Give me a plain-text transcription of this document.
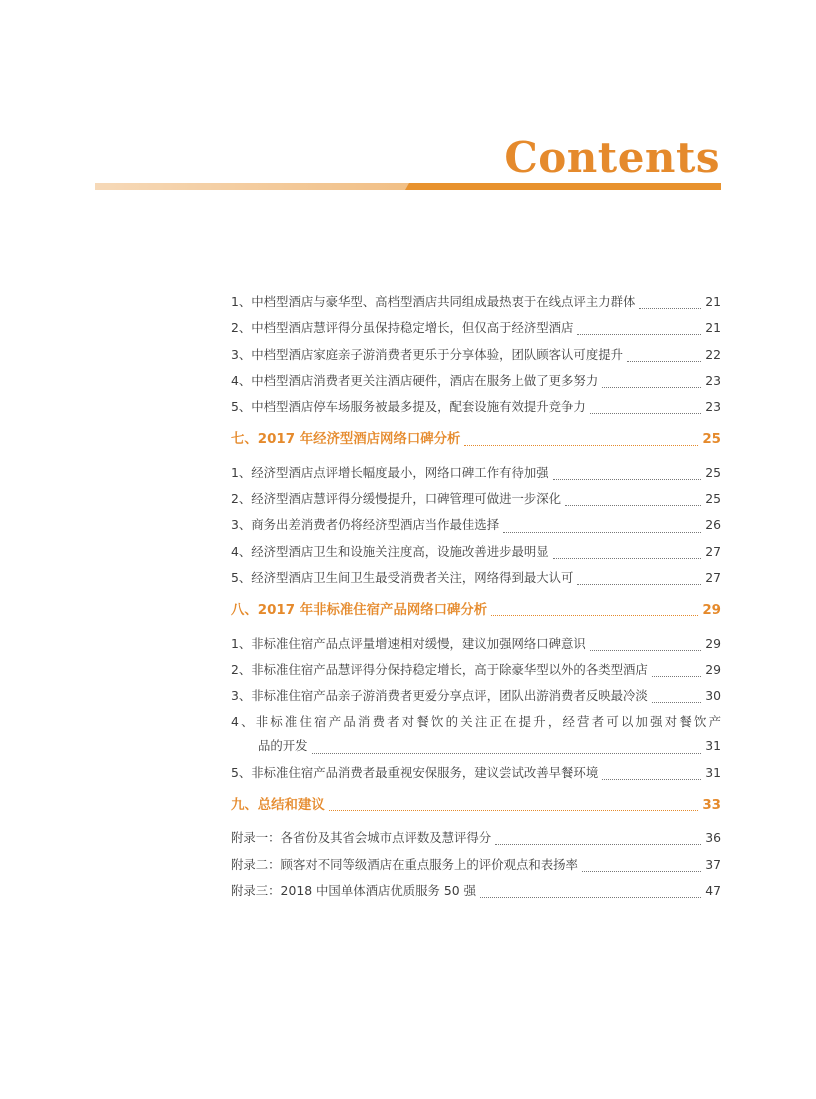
Contents
1、中档型酒店与豪华型、高档型酒店共同组成最热衷于在线点评主力群体	21
2、中档型酒店慧评得分虽保持稳定增长，但仅高于经济型酒店	21
3、中档型酒店家庭亲子游消费者更乐于分享体验，团队顾客认可度提升	22
4、中档型酒店消费者更关注酒店硬件，酒店在服务上做了更多努力	23
5、中档型酒店停车场服务被最多提及，配套设施有效提升竞争力	23
七、2017 年经济型酒店网络口碑分析	25
1、经济型酒店点评增长幅度最小，网络口碑工作有待加强	25
2、经济型酒店慧评得分缓慢提升，口碑管理可做进一步深化	25
3、商务出差消费者仍将经济型酒店当作最佳选择	26
4、经济型酒店卫生和设施关注度高，设施改善进步最明显	27
5、经济型酒店卫生间卫生最受消费者关注，网络得到最大认可	27
八、2017 年非标准住宿产品网络口碑分析	29
1、非标准住宿产品点评量增速相对缓慢，建议加强网络口碑意识	29
2、非标准住宿产品慧评得分保持稳定增长，高于除豪华型以外的各类型酒店	29
3、非标准住宿产品亲子游消费者更爱分享点评，团队出游消费者反映最冷淡	30
4、非标准住宿产品消费者对餐饮的关注正在提升，经营者可以加强对餐饮产
品的开发	31
5、非标准住宿产品消费者最重视安保服务，建议尝试改善早餐环境	31
九、总结和建议	33
附录一：各省份及其省会城市点评数及慧评得分	36
附录二：顾客对不同等级酒店在重点服务上的评价观点和表扬率	37
附录三：2018 中国单体酒店优质服务 50 强	47
